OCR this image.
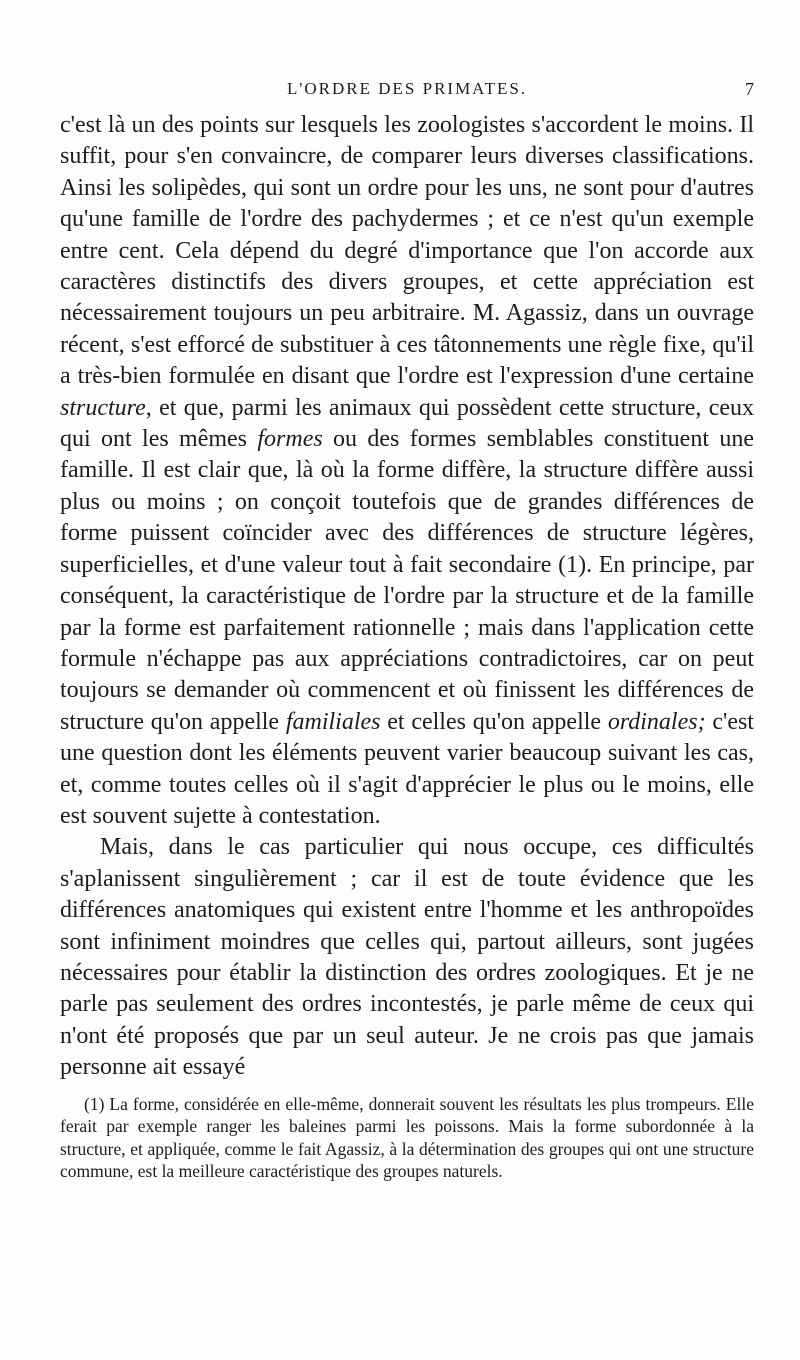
L'ORDRE DES PRIMATES.	7

c'est là un des points sur lesquels les zoologistes s'accordent le moins. Il suffit, pour s'en convaincre, de comparer leurs diverses classifications. Ainsi les solipèdes, qui sont un ordre pour les uns, ne sont pour d'autres qu'une famille de l'ordre des pachydermes ; et ce n'est qu'un exemple entre cent. Cela dépend du degré d'importance que l'on accorde aux caractères distinctifs des divers groupes, et cette appréciation est nécessairement toujours un peu arbitraire. M. Agassiz, dans un ouvrage récent, s'est efforcé de substituer à ces tâtonnements une règle fixe, qu'il a très-bien formulée en disant que l'ordre est l'expression d'une certaine structure, et que, parmi les animaux qui possèdent cette structure, ceux qui ont les mêmes formes ou des formes semblables constituent une famille. Il est clair que, là où la forme diffère, la structure diffère aussi plus ou moins ; on conçoit toutefois que de grandes différences de forme puissent coïncider avec des différences de structure légères, superficielles, et d'une valeur tout à fait secondaire (1). En principe, par conséquent, la caractéristique de l'ordre par la structure et de la famille par la forme est parfaitement rationnelle ; mais dans l'application cette formule n'échappe pas aux appréciations contradictoires, car on peut toujours se demander où commencent et où finissent les différences de structure qu'on appelle familiales et celles qu'on appelle ordinales; c'est une question dont les éléments peuvent varier beaucoup suivant les cas, et, comme toutes celles où il s'agit d'apprécier le plus ou le moins, elle est souvent sujette à contestation.

Mais, dans le cas particulier qui nous occupe, ces difficultés s'aplanissent singulièrement ; car il est de toute évidence que les différences anatomiques qui existent entre l'homme et les anthropoïdes sont infiniment moindres que celles qui, partout ailleurs, sont jugées nécessaires pour établir la distinction des ordres zoologiques. Et je ne parle pas seulement des ordres incontestés, je parle même de ceux qui n'ont été proposés que par un seul auteur. Je ne crois pas que jamais personne ait essayé

(1) La forme, considérée en elle-même, donnerait souvent les résultats les plus trompeurs. Elle ferait par exemple ranger les baleines parmi les poissons. Mais la forme subordonnée à la structure, et appliquée, comme le fait Agassiz, à la détermination des groupes qui ont une structure commune, est la meilleure caractéristique des groupes naturels.
